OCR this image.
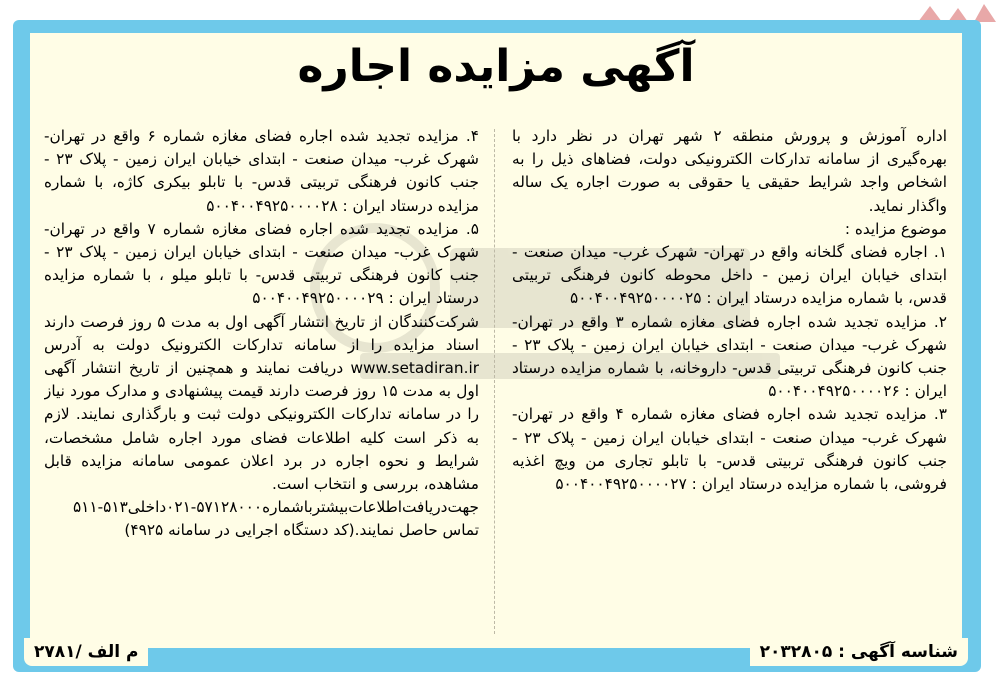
آگهی مزایده اجاره

اداره آموزش و پرورش منطقه ۲ شهر تهران در نظر دارد با بهره‌گیری از سامانه تدارکات الکترونیکی دولت، فضاهای ذیل را به اشخاص واجد شرایط حقیقی یا حقوقی به صورت اجاره یک ساله واگذار نماید.

موضوع مزایده :

۱. اجاره فضای گلخانه واقع در تهران- شهرک غرب- میدان صنعت - ابتدای خیابان ایران زمین - داخل محوطه کانون فرهنگی تربیتی قدس، با شماره مزایده درستاد ایران : ۵۰۰۴۰۰۴۹۲۵۰۰۰۰۲۵

۲. مزایده تجدید شده اجاره فضای مغازه شماره ۳ واقع در تهران- شهرک غرب- میدان صنعت - ابتدای خیابان ایران زمین - پلاک ۲۳ - جنب کانون فرهنگی تربیتی قدس- داروخانه، با شماره مزایده درستاد ایران : ۵۰۰۴۰۰۴۹۲۵۰۰۰۰۲۶

۳. مزایده تجدید شده اجاره فضای مغازه شماره ۴ واقع در تهران- شهرک غرب- میدان صنعت - ابتدای خیابان ایران زمین - پلاک ۲۳ - جنب کانون فرهنگی تربیتی قدس- با تابلو تجاری من ویچ اغذیه فروشی، با شماره مزایده درستاد ایران : ۵۰۰۴۰۰۴۹۲۵۰۰۰۰۲۷

۴. مزایده تجدید شده اجاره فضای مغازه شماره ۶ واقع در تهران- شهرک غرب- میدان صنعت - ابتدای خیابان ایران زمین - پلاک ۲۳ - جنب کانون فرهنگی تربیتی قدس- با تابلو بیکری کاژه، با شماره مزایده درستاد ایران : ۵۰۰۴۰۰۴۹۲۵۰۰۰۰۲۸

۵. مزایده تجدید شده اجاره فضای مغازه شماره ۷ واقع در تهران- شهرک غرب- میدان صنعت - ابتدای خیابان ایران زمین - پلاک ۲۳ - جنب کانون فرهنگی تربیتی قدس- با تابلو میلو ، با شماره مزایده درستاد ایران : ۵۰۰۴۰۰۴۹۲۵۰۰۰۰۲۹

شرکت‌کنندگان از تاریخ انتشار آگهی اول به مدت ۵ روز فرصت دارند اسناد مزایده را از سامانه تدارکات الکترونیک دولت به آدرس www.setadiran.ir دریافت نمایند و همچنین از تاریخ انتشار آگهی اول به مدت ۱۵ روز فرصت دارند قیمت پیشنهادی و مدارک مورد نیاز را در سامانه تدارکات الکترونیکی دولت ثبت و بارگذاری نمایند. لازم به ذکر است کلیه اطلاعات فضای مورد اجاره شامل مشخصات، شرایط و نحوه اجاره در برد اعلان عمومی سامانه مزایده قابل مشاهده، بررسی و انتخاب است.

جهت‌دریافت‌اطلاعات‌بیشتر‌باشماره۵۷۱۲۸۰۰۰-۰۲۱داخلی۵۱۳-۵۱۱ تماس حاصل نمایند.(کد دستگاه اجرایی در سامانه ۴۹۲۵)

شناسه آگهی : ۲۰۳۲۸۰۵
م الف /۲۷۸۱
